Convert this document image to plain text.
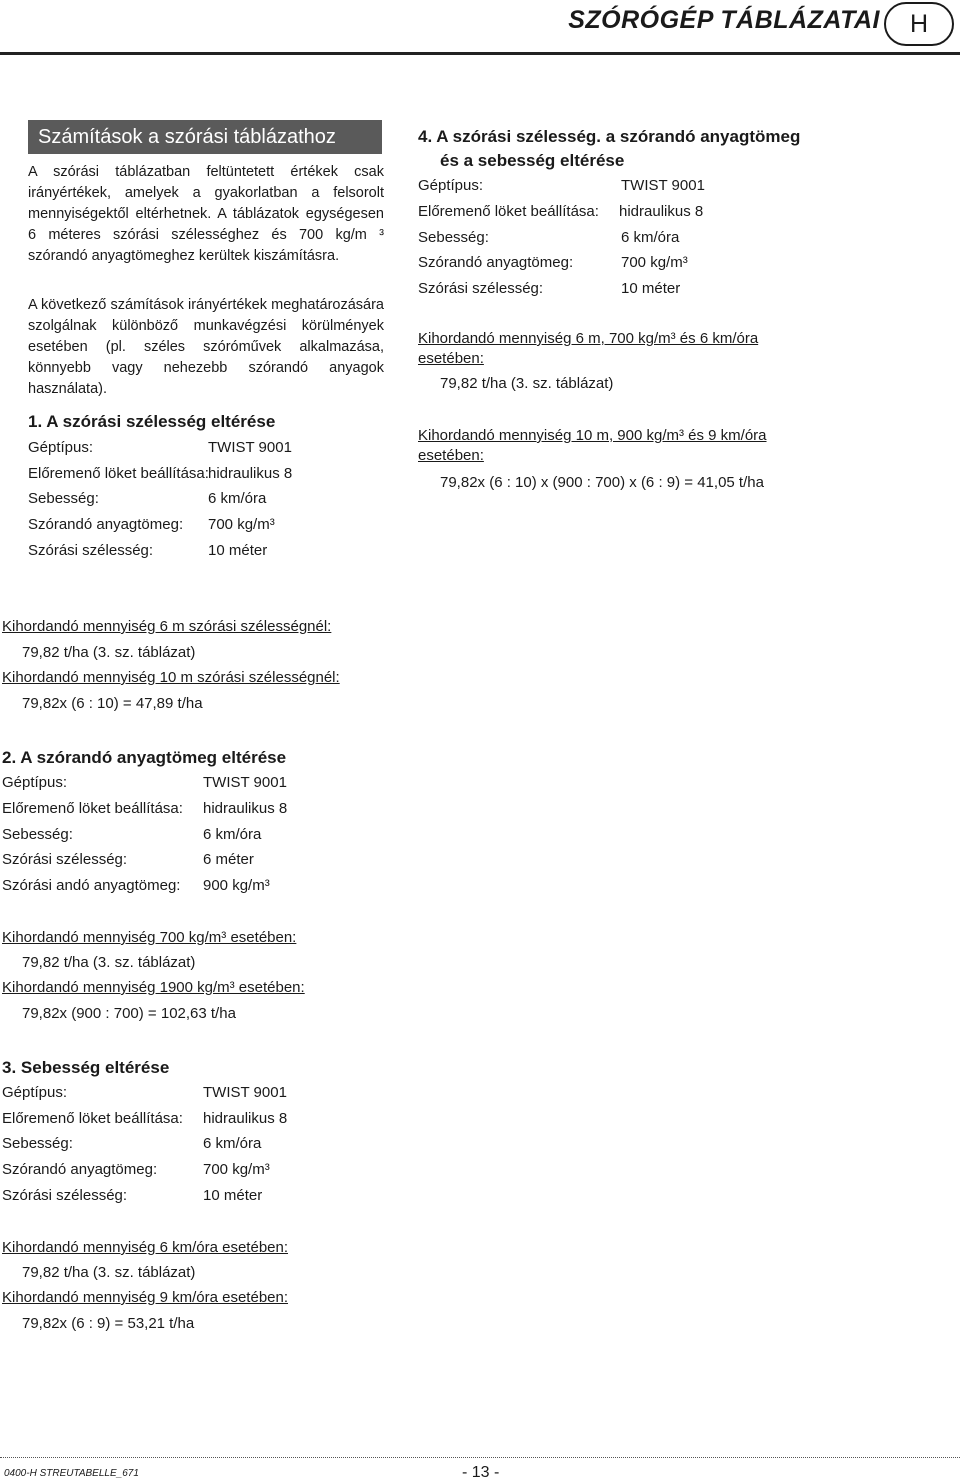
SZÓRÓGÉP TÁBLÁZATAI	H
Számítások a szórási táblázathoz

A szórási táblázatban feltüntetett értékek csak irányértékek, amelyek a gyakorlatban a felsorolt mennyiségektől eltérhetnek. A táblázatok egységesen 6 méteres szórási szélességhez és 700 kg/m ³ szórandó anyagtömeghez kerültek kiszámításra.

A következő számítások irányértékek meghatározására szolgálnak különböző munkavégzési körülmények esetében (pl. széles szóróművek alkalmazása, könnyebb vagy nehezebb szórandó anyagok használata).

1. A szórási szélesség eltérése
Géptípus:	TWIST 9001
Előremenő löket beállítása: hidraulikus 8
Sebesség:	6 km/óra
Szórandó anyagtömeg: 700 kg/m³
Szórási szélesség:	10 méter

Kihordandó mennyiség 6 m szórási szélességnél:

79,82 t/ha (3. sz. táblázat)

Kihordandó mennyiség 10 m szórási szélességnél:

79,82x (6 : 10) = 47,89 t/ha

2. A szórandó anyagtömeg eltérése
Géptípus:	TWIST 9001
Előremenő löket beállítása: hidraulikus 8
Sebesség:	6 km/óra
Szórási szélesség:	6 méter
Szórási andó anyagtömeg: 900 kg/m³

Kihordandó mennyiség 700 kg/m³ esetében:

79,82 t/ha (3. sz. táblázat)

Kihordandó mennyiség 1900 kg/m³ esetében:

79,82x (900 : 700) = 102,63 t/ha

3. Sebesség eltérése
Géptípus:	TWIST 9001
Előremenő löket beállítása: hidraulikus 8
Sebesség:	6 km/óra
Szórandó anyagtömeg:	700 kg/m³
Szórási szélesség:	10 méter

Kihordandó mennyiség 6 km/óra esetében:

79,82 t/ha (3. sz. táblázat)

Kihordandó mennyiség 9 km/óra esetében:

79,82x (6 : 9) = 53,21 t/ha

4. A szórási szélesség. a szórandó anyagtömeg
és a sebesség eltérése
Géptípus:	TWIST 9001
Előremenő löket beállítása: hidraulikus 8
Sebesség:	6 km/óra
Szórandó anyagtömeg:	700 kg/m³
Szórási szélesség:	10 méter

Kihordandó mennyiség 6 m, 700 kg/m³ és 6 km/óra

esetében:

79,82 t/ha (3. sz. táblázat)

Kihordandó mennyiség 10 m, 900 kg/m³ és 9 km/óra

esetében:

79,82x (6 : 10) x (900 : 700) x (6 : 9) = 41,05 t/ha

0400-H STREUTABELLE_671	- 13 -
